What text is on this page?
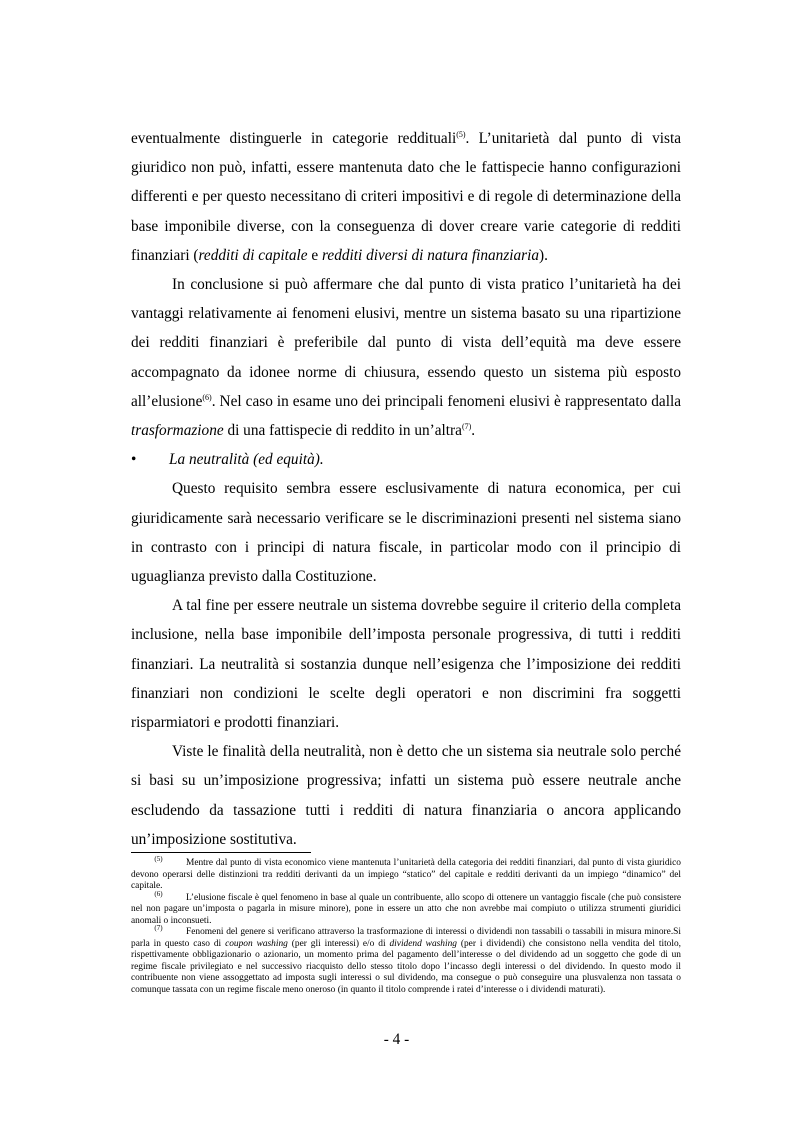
eventualmente distinguerle in categorie reddituali$^{(5)}$. L’unitarietà dal punto di vista giuridico non può, infatti, essere mantenuta dato che le fattispecie hanno configurazioni differenti e per questo necessitano di criteri impositivi e di regole di determinazione della base imponibile diverse, con la conseguenza di dover creare varie categorie di redditi finanziari (redditi di capitale e redditi diversi di natura finanziaria).

In conclusione si può affermare che dal punto di vista pratico l’unitarietà ha dei vantaggi relativamente ai fenomeni elusivi, mentre un sistema basato su una ripartizione dei redditi finanziari è preferibile dal punto di vista dell’equità ma deve essere accompagnato da idonee norme di chiusura, essendo questo un sistema più esposto all’elusione$^{(6)}$. Nel caso in esame uno dei principali fenomeni elusivi è rappresentato dalla trasformazione di una fattispecie di reddito in un’altra$^{(7)}$.

• La neutralità (ed equità).

Questo requisito sembra essere esclusivamente di natura economica, per cui giuridicamente sarà necessario verificare se le discriminazioni presenti nel sistema siano in contrasto con i principi di natura fiscale, in particolar modo con il principio di uguaglianza previsto dalla Costituzione.

A tal fine per essere neutrale un sistema dovrebbe seguire il criterio della completa inclusione, nella base imponibile dell’imposta personale progressiva, di tutti i redditi finanziari. La neutralità si sostanzia dunque nell’esigenza che l’imposizione dei redditi finanziari non condizioni le scelte degli operatori e non discrimini fra soggetti risparmiatori e prodotti finanziari.

Viste le finalità della neutralità, non è detto che un sistema sia neutrale solo perché si basi su un’imposizione progressiva; infatti un sistema può essere neutrale anche escludendo da tassazione tutti i redditi di natura finanziaria o ancora applicando un’imposizione sostitutiva.

(5) Mentre dal punto di vista economico viene mantenuta l’unitarietà della categoria dei redditi finanziari, dal punto di vista giuridico devono operarsi delle distinzioni tra redditi derivanti da un impiego “statico” del capitale e redditi derivanti da un impiego “dinamico” del capitale.

(6) L’elusione fiscale è quel fenomeno in base al quale un contribuente, allo scopo di ottenere un vantaggio fiscale (che può consistere nel non pagare un’imposta o pagarla in misure minore), pone in essere un atto che non avrebbe mai compiuto o utilizza strumenti giuridici anomali o inconsueti.

(7) Fenomeni del genere si verificano attraverso la trasformazione di interessi o dividendi non tassabili o tassabili in misura minore.Si parla in questo caso di coupon washing (per gli interessi) e/o di dividend washing (per i dividendi) che consistono nella vendita del titolo, rispettivamente obbligazionario o azionario, un momento prima del pagamento dell’interesse o del dividendo ad un soggetto che gode di un regime fiscale privilegiato e nel successivo riacquisto dello stesso titolo dopo l’incasso degli interessi o del dividendo. In questo modo il contribuente non viene assoggettato ad imposta sugli interessi o sul dividendo, ma consegue o può conseguire una plusvalenza non tassata o comunque tassata con un regime fiscale meno oneroso (in quanto il titolo comprende i ratei d’interesse o i dividendi maturati).

- 4 -
